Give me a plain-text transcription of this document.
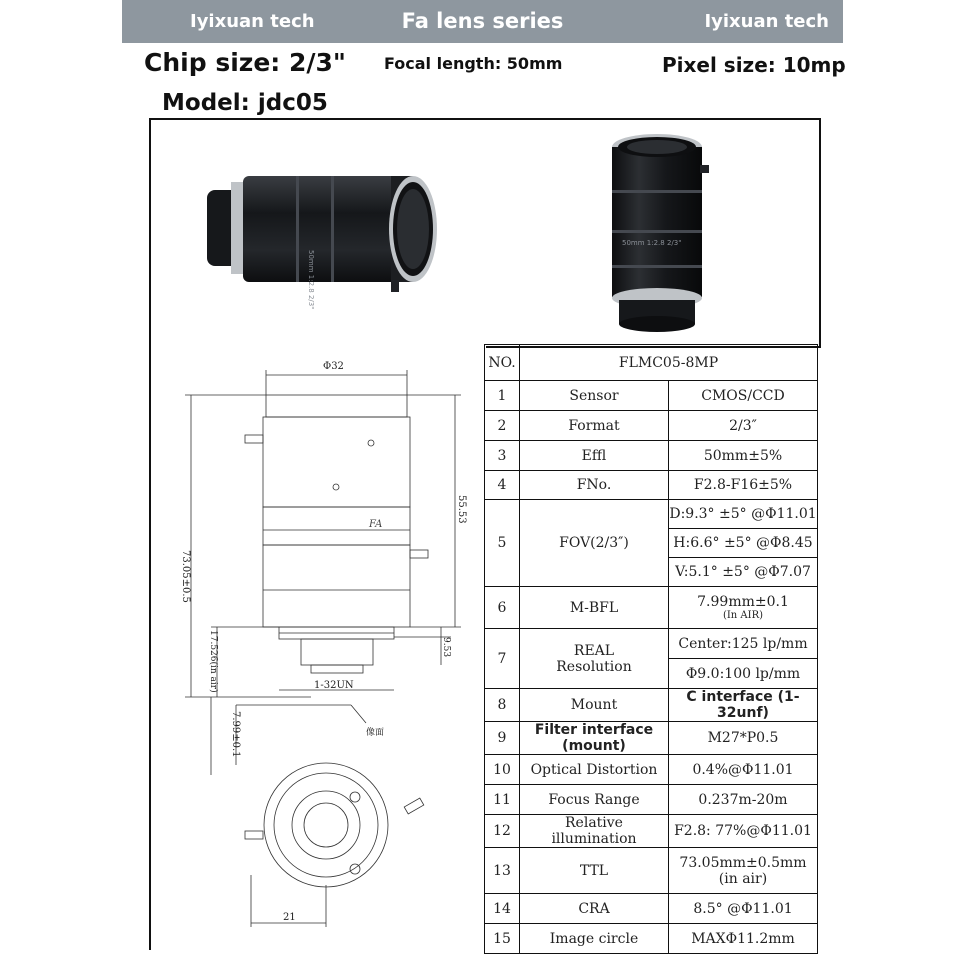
Iyixuan tech	Fa lens series	Iyixuan tech
Chip size: 2/3" Focal length: 50mm	Pixel size: 10mp
Model: jdc05
50mm 1:2.8 2/3"
50mm 1:2.8 2/3"
Φ32
FA
73.05±0.5
55.53
17.526(in air)	9.53
1-32UN
像面
7.99±0.1
21
NO.	FLMC05-8MP	
1	Sensor	CMOS/CCD
2	Format	2/3″
3	Effl	50mm±5%
4	FNo.	F2.8-F16±5%
5	FOV(2/3″)	D:9.3° ±5° @Φ11.01
		H:6.6° ±5° @Φ8.45
		V:5.1° ±5° @Φ7.07
6	M-BFL	7.99mm±0.1
(In AIR)

7	REAL
Resolution	Center:125 lp/mm
		Φ9.0:100 lp/mm
8	Mount	C interface (1-32unf)
9	Filter interface (mount)	M27*P0.5
10	Optical Distortion	0.4%@Φ11.01
11	Focus Range	0.237m-20m
12	Relative
illumination	F2.8: 77%@Φ11.01
13	TTL	73.05mm±0.5mm
(in air)

14	CRA	8.5° @Φ11.01
15	Image circle	MAXΦ11.2mm
